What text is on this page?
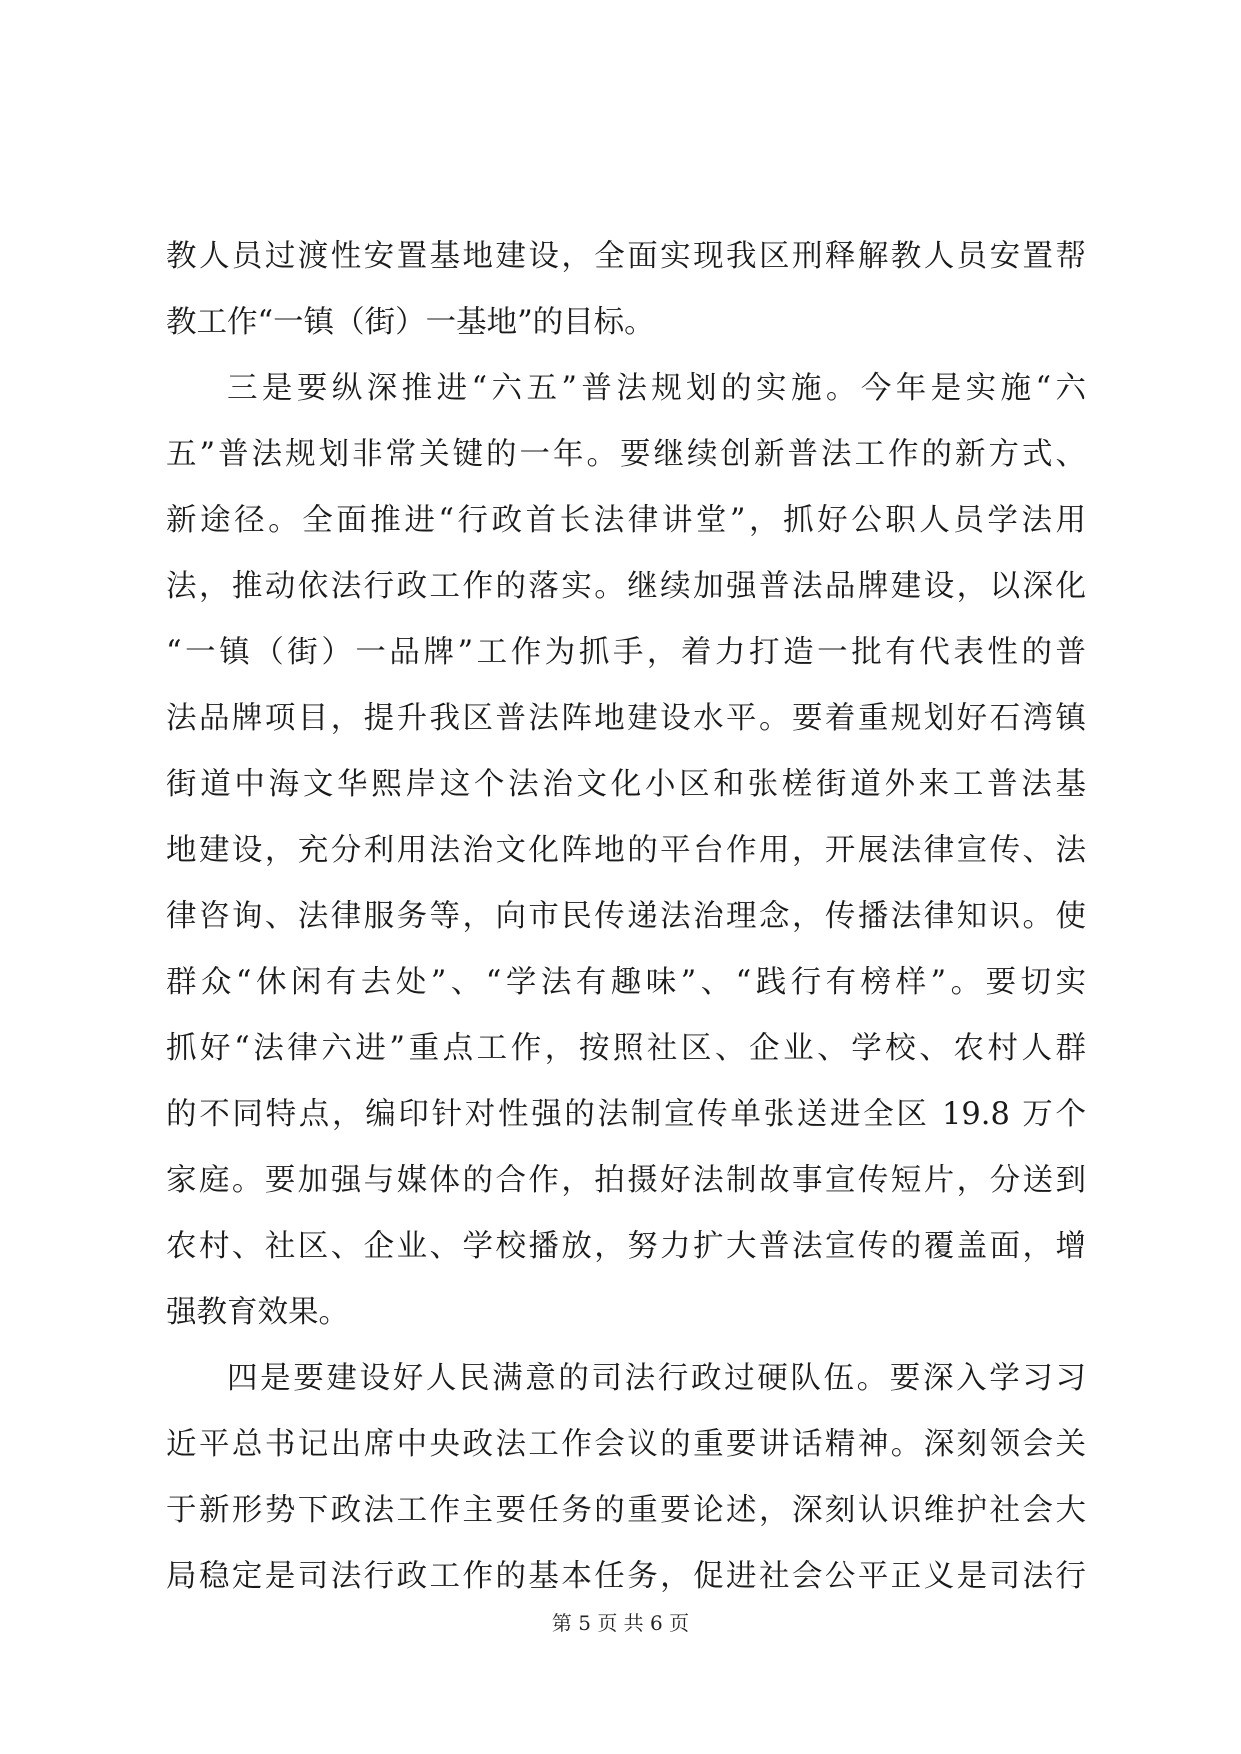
教人员过渡性安置基地建设，全面实现我区刑释解教人员安置帮
教工作“一镇（街）一基地”的目标。
三是要纵深推进“六五”普法规划的实施。今年是实施“六
五”普法规划非常关键的一年。要继续创新普法工作的新方式、
新途径。全面推进“行政首长法律讲堂”，抓好公职人员学法用
法，推动依法行政工作的落实。继续加强普法品牌建设，以深化
“一镇（街）一品牌”工作为抓手，着力打造一批有代表性的普
法品牌项目，提升我区普法阵地建设水平。要着重规划好石湾镇
街道中海文华熙岸这个法治文化小区和张槎街道外来工普法基
地建设，充分利用法治文化阵地的平台作用，开展法律宣传、法
律咨询、法律服务等，向市民传递法治理念，传播法律知识。使
群众“休闲有去处”、“学法有趣味”、“践行有榜样”。要切实
抓好“法律六进”重点工作，按照社区、企业、学校、农村人群
的不同特点，编印针对性强的法制宣传单张送进全区 19.8 万个
家庭。要加强与媒体的合作，拍摄好法制故事宣传短片，分送到
农村、社区、企业、学校播放，努力扩大普法宣传的覆盖面，增
强教育效果。
四是要建设好人民满意的司法行政过硬队伍。要深入学习习
近平总书记出席中央政法工作会议的重要讲话精神。深刻领会关
于新形势下政法工作主要任务的重要论述，深刻认识维护社会大
局稳定是司法行政工作的基本任务，促进社会公平正义是司法行
第 5 页 共 6 页
